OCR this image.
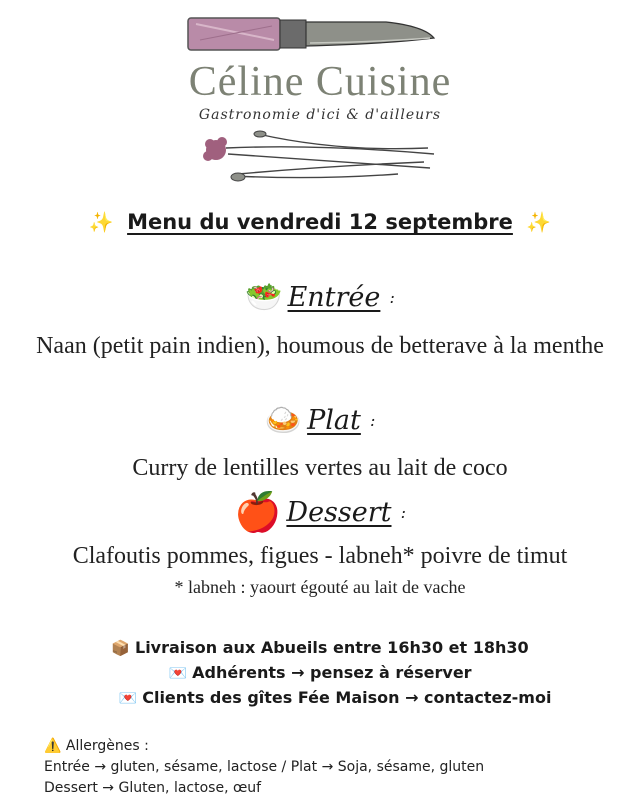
Céline Cuisine
Gastronomie d'ici & d'ailleurs
✨ Menu du vendredi 12 septembre ✨
🥗 Entrée :
Naan (petit pain indien), houmous de betterave à la menthe
🍛 Plat :
Curry de lentilles vertes au lait de coco
🍎 Dessert :
Clafoutis pommes, figues - labneh* poivre de timut
* labneh : yaourt égouté au lait de vache
📦 Livraison aux Abueils entre 16h30 et 18h30
💌 Adhérents → pensez à réserver
💌 Clients des gîtes Fée Maison → contactez-moi
⚠️ Allergènes :
Entrée → gluten, sésame, lactose / Plat → Soja, sésame, gluten
Dessert → Gluten, lactose, œuf
